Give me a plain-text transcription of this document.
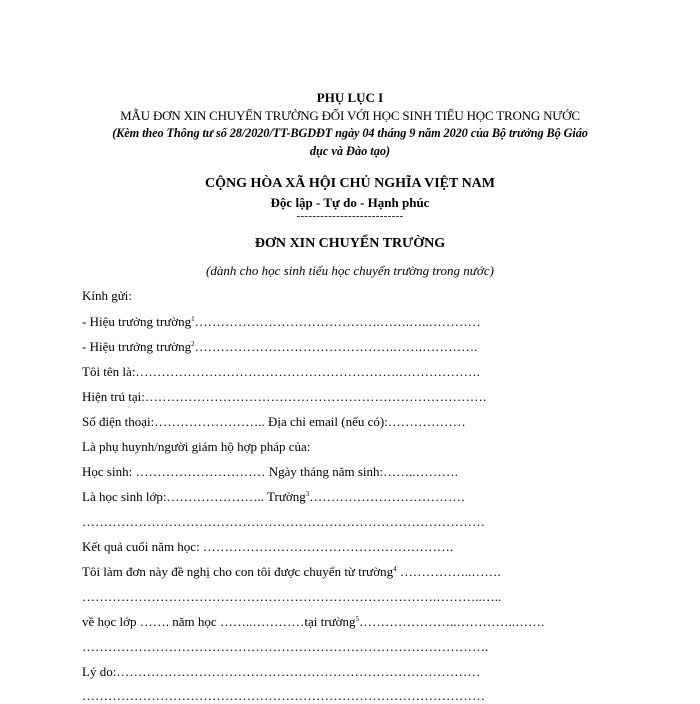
PHỤ LỤC I
MẪU ĐƠN XIN CHUYỂN TRƯỜNG ĐỐI VỚI HỌC SINH TIỂU HỌC TRONG NƯỚC
(Kèm theo Thông tư số 28/2020/TT-BGDĐT ngày 04 tháng 9 năm 2020 của Bộ trưởng Bộ Giáo
dục và Đào tạo)
CỘNG HÒA XÃ HỘI CHỦ NGHĨA VIỆT NAM
Độc lập - Tự do - Hạnh phúc
---------------------------
ĐƠN XIN CHUYỂN TRƯỜNG
(dành cho học sinh tiểu học chuyển trường trong nước)
Kính gửi:
- Hiệu trưởng trường$^1$…………………………………….…….…..…………
- Hiệu trưởng trường$^2$……………………………………….…….………….
Tôi tên là:…………………………………………………….……………….
Hiện trú tại:…………………………………………………………………….
Số điện thoại:…………………….. Địa chỉ email (nếu có):………………
Là phụ huynh/người giám hộ hợp pháp của:
Học sinh: ………………………… Ngày tháng năm sinh:……..……….
Là học sinh lớp:………………….. Trường$^3$………………………………
…………………………………………………………………………………
Kết quả cuối năm học: ………………………………………………….
Tôi làm đơn này đề nghị cho con tôi được chuyển từ trường$^4$ ……………..…….
……………………………………………………………………….………..…..
về học lớp ……. năm học ……..…………tại trường$^5$…………………..…………..…….
………………………………………………………………………………….
Lý do:…………………………………………………………………………
…………………………………………………………………………………
